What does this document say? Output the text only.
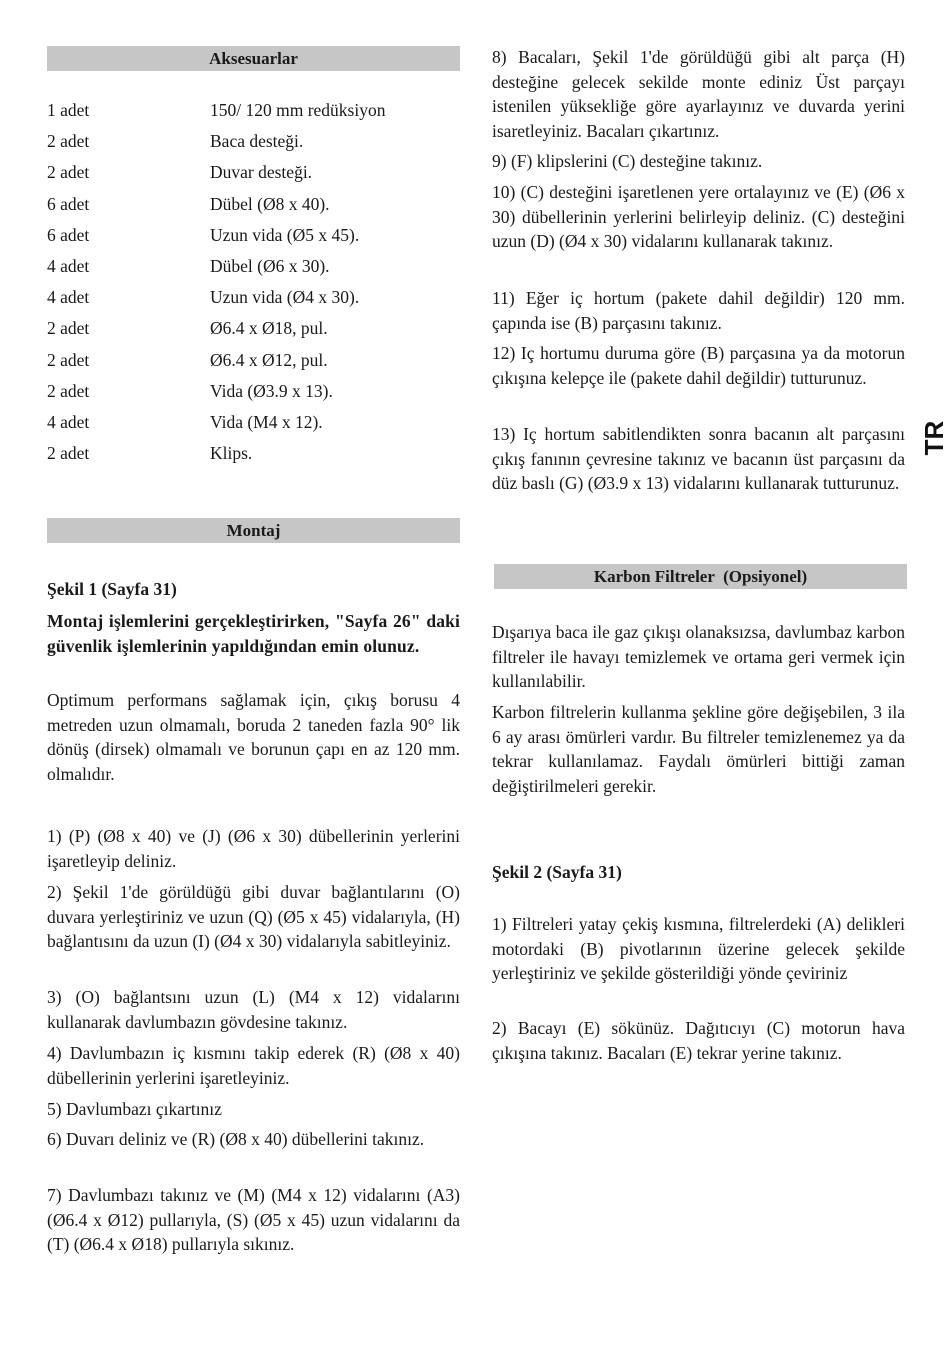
Aksesuarlar
1 adet	150/ 120 mm redüksiyon
2 adet	Baca desteği.
2 adet	Duvar desteği.
6 adet	Dübel (Ø8 x 40).
6 adet	Uzun vida (Ø5 x 45).
4 adet	Dübel (Ø6 x 30).
4 adet	Uzun vida (Ø4 x 30).
2 adet	Ø6.4 x Ø18, pul.
2 adet	Ø6.4 x Ø12, pul.
2 adet	Vida (Ø3.9 x 13).
4 adet	Vida (M4 x 12).
2 adet	Klips.
Montaj

Şekil 1 (Sayfa 31)

Montaj işlemlerini gerçekleştirirken, "Sayfa 26" daki güvenlik işlemlerinin yapıldığından emin olunuz.

Optimum performans sağlamak için, çıkış borusu 4 metreden uzun olmamalı, boruda 2 taneden fazla 90° lik dönüş (dirsek) olmamalı ve borunun çapı en az 120 mm. olmalıdır.

1) (P) (Ø8 x 40) ve (J) (Ø6 x 30) dübellerinin yerlerini işaretleyip deliniz.

2) Şekil 1'de görüldüğü gibi duvar bağlantılarını (O) duvara yerleştiriniz ve uzun (Q) (Ø5 x 45) vidalarıyla, (H) bağlantısını da uzun (I) (Ø4 x 30) vidalarıyla sabitleyiniz.

3) (O) bağlantsını uzun (L) (M4 x 12) vidalarını kullanarak davlumbazın gövdesine takınız.

4) Davlumbazın iç kısmını takip ederek (R) (Ø8 x 40) dübellerinin yerlerini işaretleyiniz.

5) Davlumbazı çıkartınız

6) Duvarı deliniz ve (R) (Ø8 x 40) dübellerini takınız.

7) Davlumbazı takınız ve (M) (M4 x 12) vidalarını (A3) (Ø6.4 x Ø12) pullarıyla, (S) (Ø5 x 45) uzun vidalarını da (T) (Ø6.4 x Ø18) pullarıyla sıkınız.

8) Bacaları, Şekil 1'de görüldüğü gibi alt parça (H) desteğine gelecek sekilde monte ediniz Üst parçayı istenilen yüksekliğe göre ayarlayınız ve duvarda yerini isaretleyiniz. Bacaları çıkartınız.

9) (F) klipslerini (C) desteğine takınız.

10) (C) desteğini işaretlenen yere ortalayınız ve (E) (Ø6 x 30) dübellerinin yerlerini belirleyip deliniz. (C) desteğini uzun (D) (Ø4 x 30) vidalarını kullanarak takınız.

11) Eğer iç hortum (pakete dahil değildir) 120 mm. çapında ise (B) parçasını takınız.

12) Iç hortumu duruma göre (B) parçasına ya da motorun çıkışına kelepçe ile (pakete dahil değildir) tutturunuz.

13) Iç hortum sabitlendikten sonra bacanın alt parçasını çıkış fanının çevresine takınız ve bacanın üst parçasını da düz baslı (G) (Ø3.9 x 13) vidalarını kullanarak tutturunuz.

Karbon Filtreler  (Opsiyonel)

Dışarıya baca ile gaz çıkışı olanaksızsa, davlumbaz karbon filtreler ile havayı temizlemek ve ortama geri vermek için kullanılabilir.

Karbon filtrelerin kullanma şekline göre değişebilen, 3 ila 6 ay arası ömürleri vardır. Bu filtreler temizlenemez ya da tekrar kullanılamaz. Faydalı ömürleri bittiği zaman değiştirilmeleri gerekir.

Şekil 2 (Sayfa 31)

1) Filtreleri yatay çekiş kısmına, filtrelerdeki (A) delikleri motordaki (B) pivotlarının üzerine gelecek şekilde yerleştiriniz ve şekilde gösterildiği yönde çeviriniz

2) Bacayı (E) sökünüz. Dağıtıcıyı (C) motorun hava çıkışına takınız. Bacaları (E) tekrar yerine takınız.

TR
